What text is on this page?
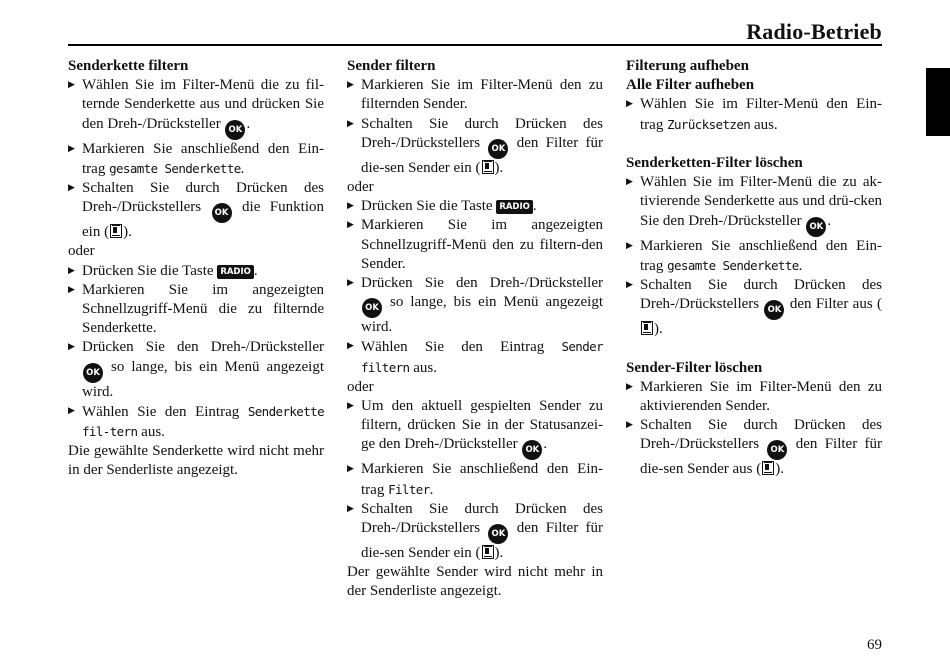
Radio-Betrieb
Senderkette filtern
▶ Wählen Sie im Filter-Menü die zu fil-ternde Senderkette aus und drücken Sie den Dreh-/Drücksteller OK .
▶ Markieren Sie anschließend den Ein-trag gesamte Senderkette.
▶ Schalten Sie durch Drücken des Dreh-/Drückstellers OK die Funktion ein ( ).
oder
▶ Drücken Sie die Taste RADIO .
▶ Markieren Sie im angezeigten Schnellzugriff-Menü die zu filternde Senderkette.
▶ Drücken Sie den Dreh-/Drücksteller OK so lange, bis ein Menü angezeigt wird.
▶ Wählen Sie den Eintrag Senderkette fil-tern aus.
Die gewählte Senderkette wird nicht mehr in der Senderliste angezeigt.
Sender filtern
▶ Markieren Sie im Filter-Menü den zu filternden Sender.
▶ Schalten Sie durch Drücken des Dreh-/Drückstellers OK den Filter für die-sen Sender ein ( ).
oder
▶ Drücken Sie die Taste RADIO .
▶ Markieren Sie im angezeigten Schnellzugriff-Menü den zu filtern-den Sender.
▶ Drücken Sie den Dreh-/Drücksteller OK so lange, bis ein Menü angezeigt wird.
▶ Wählen Sie den Eintrag Sender filtern aus.
oder
▶ Um den aktuell gespielten Sender zu filtern, drücken Sie in der Statusanzei-ge den Dreh-/Drücksteller OK .
▶ Markieren Sie anschließend den Ein-trag Filter.
▶ Schalten Sie durch Drücken des Dreh-/Drückstellers OK den Filter für die-sen Sender ein ( ).
Der gewählte Sender wird nicht mehr in der Senderliste angezeigt.
Filterung aufheben
Alle Filter aufheben
▶ Wählen Sie im Filter-Menü den Ein-trag Zurücksetzen aus.
Senderketten-Filter löschen
▶ Wählen Sie im Filter-Menü die zu ak-tivierende Senderkette aus und drü-cken Sie den Dreh-/Drücksteller OK .
▶ Markieren Sie anschließend den Ein-trag gesamte Senderkette.
▶ Schalten Sie durch Drücken des Dreh-/Drückstellers OK den Filter aus ().
Sender-Filter löschen
▶ Markieren Sie im Filter-Menü den zu aktivierenden Sender.
▶ Schalten Sie durch Drücken des Dreh-/Drückstellers OK den Filter für die-sen Sender aus ( ).
69
